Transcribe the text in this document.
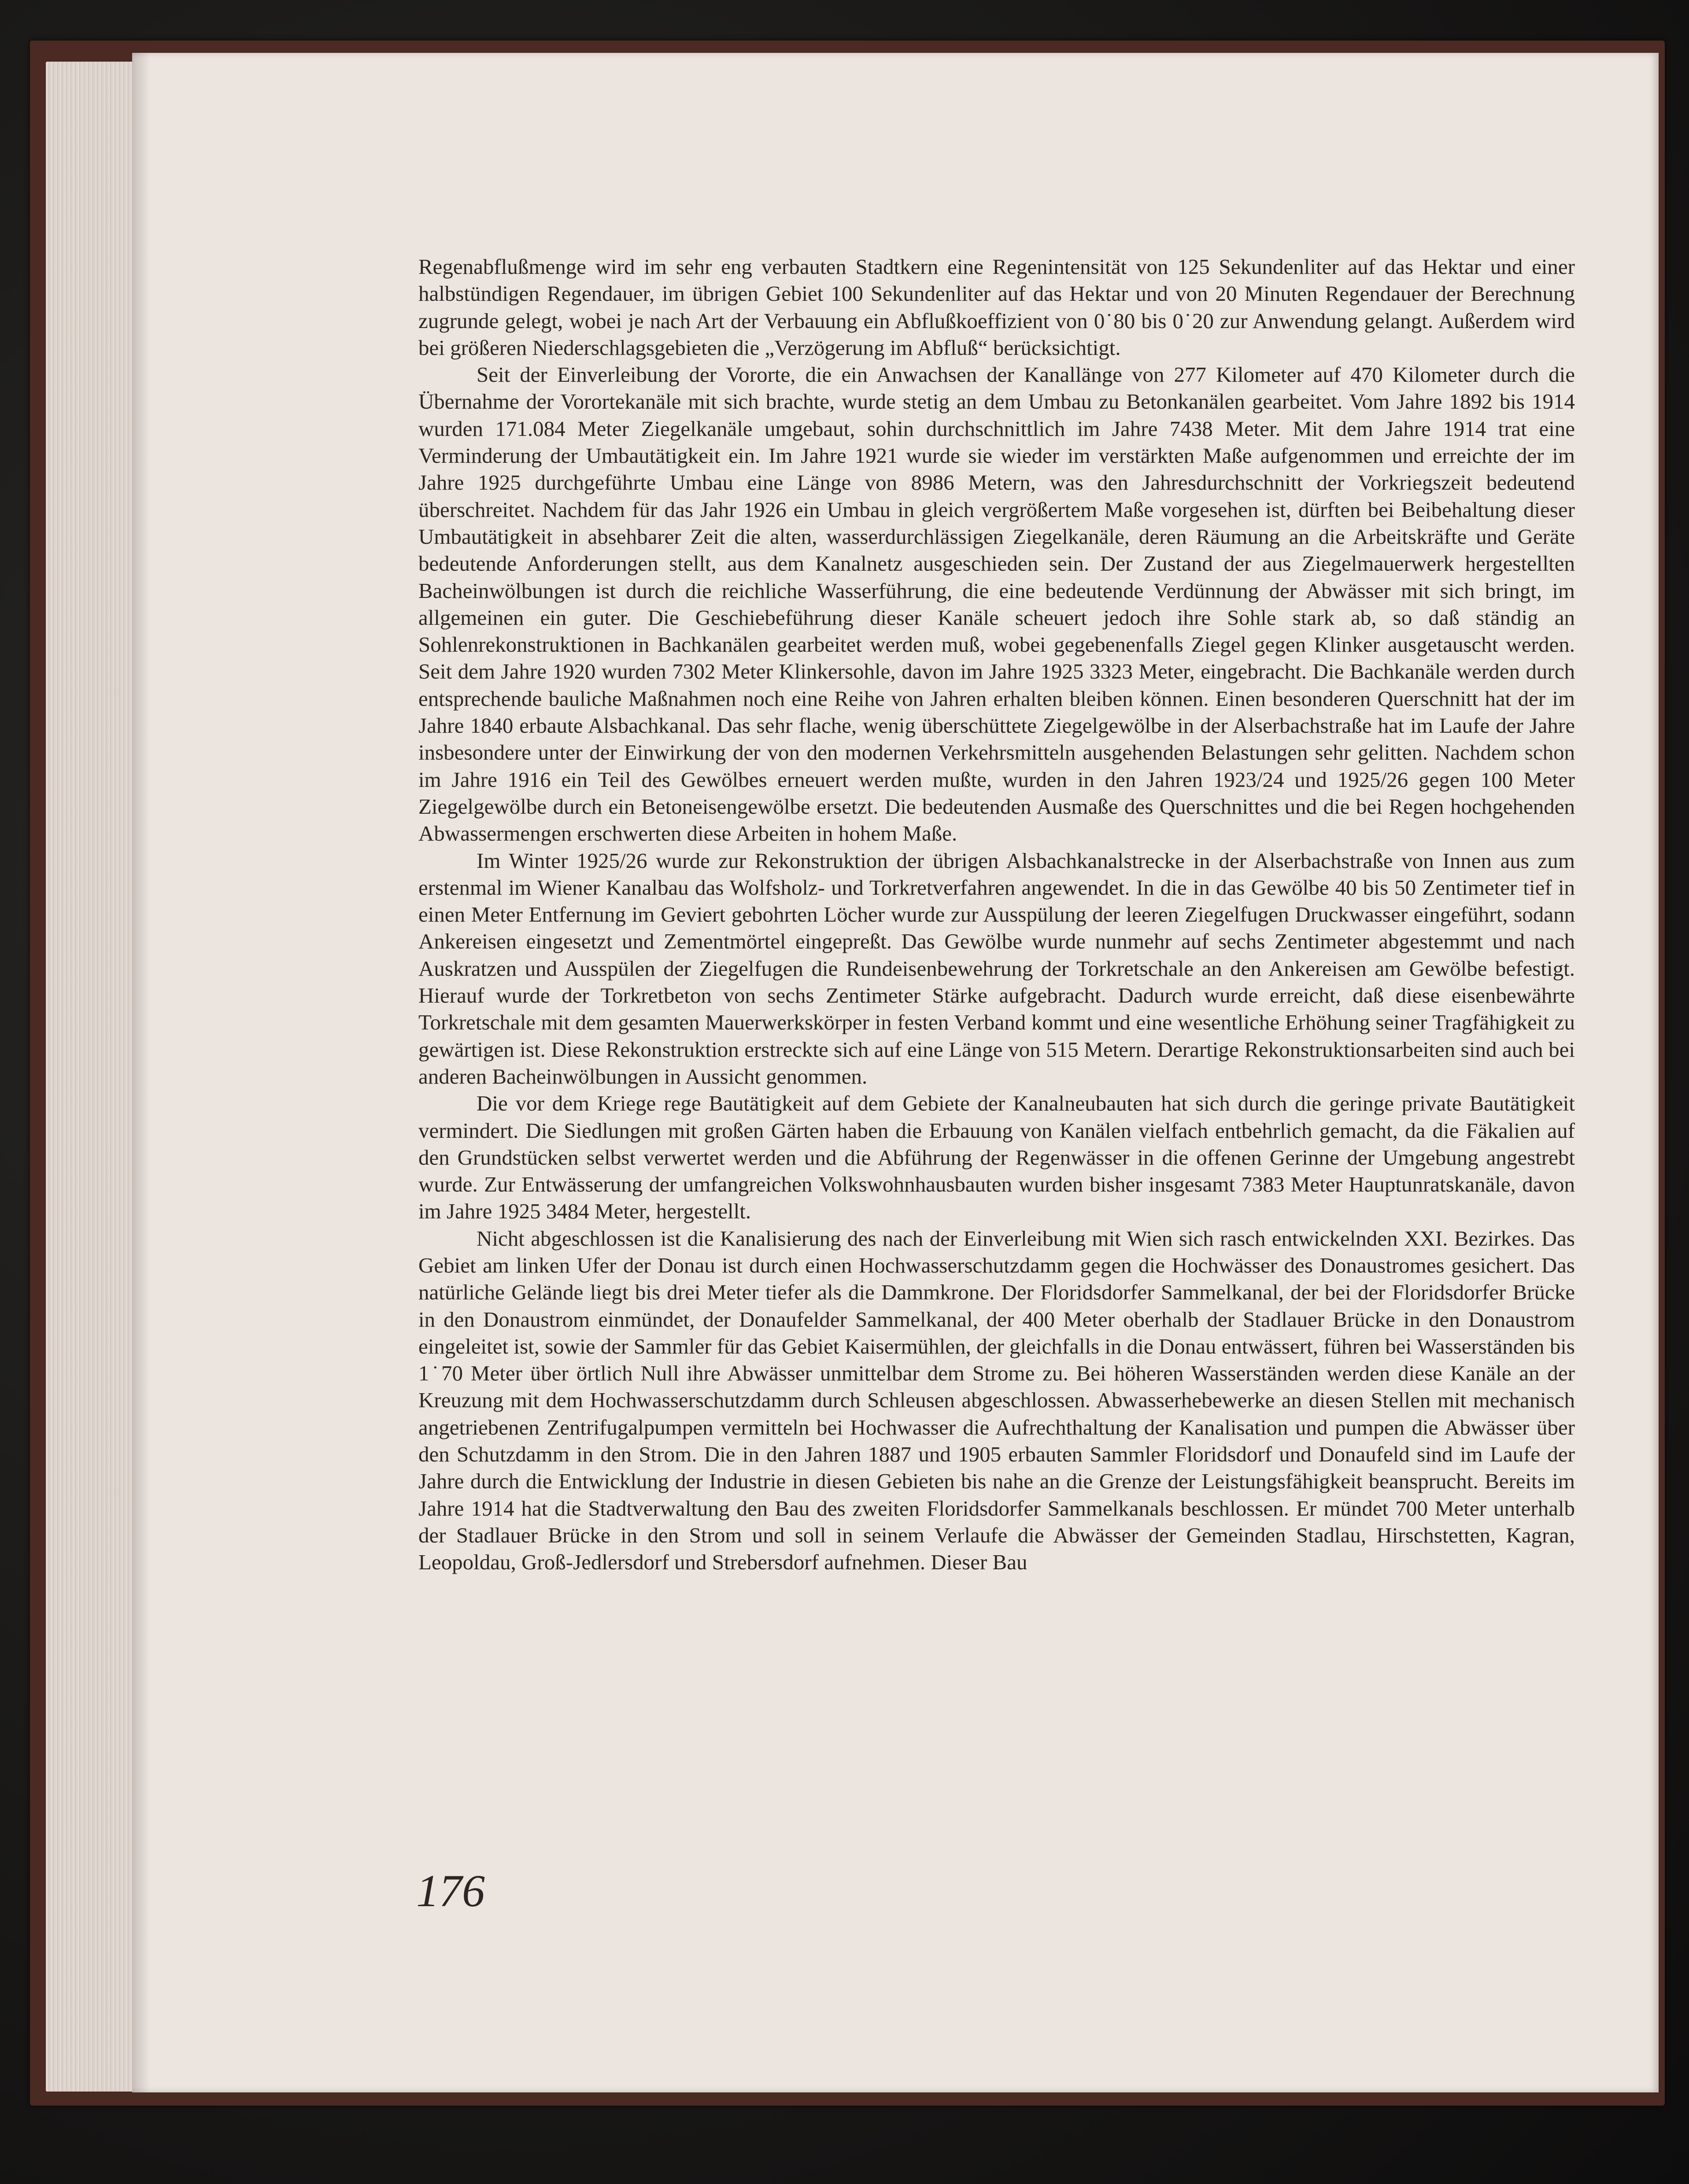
Regenabflußmenge wird im sehr eng verbauten Stadtkern eine Regenintensität von 125 Sekundenliter auf das Hektar und einer halbstündigen Regendauer, im übrigen Gebiet 100 Sekundenliter auf das Hektar und von 20 Minuten Regendauer der Berechnung zugrunde gelegt, wobei je nach Art der Verbauung ein Abflußkoeffizient von 0˙80 bis 0˙20 zur Anwendung gelangt. Außerdem wird bei größeren Niederschlagsgebieten die „Verzögerung im Abfluß“ berücksichtigt.

Seit der Einverleibung der Vororte, die ein Anwachsen der Kanallänge von 277 Kilometer auf 470 Kilometer durch die Übernahme der Vorortekanäle mit sich brachte, wurde stetig an dem Umbau zu Betonkanälen gearbeitet. Vom Jahre 1892 bis 1914 wurden 171.084 Meter Ziegelkanäle umgebaut, sohin durchschnittlich im Jahre 7438 Meter. Mit dem Jahre 1914 trat eine Verminderung der Umbautätigkeit ein. Im Jahre 1921 wurde sie wieder im verstärkten Maße aufgenommen und erreichte der im Jahre 1925 durchgeführte Umbau eine Länge von 8986 Metern, was den Jahresdurchschnitt der Vorkriegszeit bedeutend überschreitet. Nachdem für das Jahr 1926 ein Umbau in gleich vergrößertem Maße vorgesehen ist, dürften bei Beibehaltung dieser Umbautätigkeit in absehbarer Zeit die alten, wasserdurchlässigen Ziegelkanäle, deren Räumung an die Arbeitskräfte und Geräte bedeutende Anforderungen stellt, aus dem Kanalnetz ausgeschieden sein. Der Zustand der aus Ziegelmauerwerk hergestellten Bacheinwölbungen ist durch die reichliche Wasserführung, die eine bedeutende Verdünnung der Abwässer mit sich bringt, im allgemeinen ein guter. Die Geschiebeführung dieser Kanäle scheuert jedoch ihre Sohle stark ab, so daß ständig an Sohlenrekonstruktionen in Bachkanälen gearbeitet werden muß, wobei gegebenenfalls Ziegel gegen Klinker ausgetauscht werden. Seit dem Jahre 1920 wurden 7302 Meter Klinkersohle, davon im Jahre 1925 3323 Meter, eingebracht. Die Bachkanäle werden durch entsprechende bauliche Maßnahmen noch eine Reihe von Jahren erhalten bleiben können. Einen besonderen Querschnitt hat der im Jahre 1840 erbaute Alsbachkanal. Das sehr flache, wenig überschüttete Ziegelgewölbe in der Alserbachstraße hat im Laufe der Jahre insbesondere unter der Einwirkung der von den modernen Verkehrsmitteln ausgehenden Belastungen sehr gelitten. Nachdem schon im Jahre 1916 ein Teil des Gewölbes erneuert werden mußte, wurden in den Jahren 1923/24 und 1925/26 gegen 100 Meter Ziegelgewölbe durch ein Betoneisengewölbe ersetzt. Die bedeutenden Ausmaße des Querschnittes und die bei Regen hochgehenden Abwassermengen erschwerten diese Arbeiten in hohem Maße.

Im Winter 1925/26 wurde zur Rekonstruktion der übrigen Alsbachkanalstrecke in der Alserbachstraße von Innen aus zum erstenmal im Wiener Kanalbau das Wolfsholz- und Torkretverfahren angewendet. In die in das Gewölbe 40 bis 50 Zentimeter tief in einen Meter Entfernung im Geviert gebohrten Löcher wurde zur Ausspülung der leeren Ziegelfugen Druckwasser eingeführt, sodann Ankereisen eingesetzt und Zementmörtel eingepreßt. Das Gewölbe wurde nunmehr auf sechs Zentimeter abgestemmt und nach Auskratzen und Ausspülen der Ziegelfugen die Rundeisenbewehrung der Torkretschale an den Ankereisen am Gewölbe befestigt. Hierauf wurde der Torkretbeton von sechs Zentimeter Stärke aufgebracht. Dadurch wurde erreicht, daß diese eisenbewährte Torkretschale mit dem gesamten Mauerwerkskörper in festen Verband kommt und eine wesentliche Erhöhung seiner Tragfähigkeit zu gewärtigen ist. Diese Rekonstruktion erstreckte sich auf eine Länge von 515 Metern. Derartige Rekonstruktionsarbeiten sind auch bei anderen Bacheinwölbungen in Aussicht genommen.

Die vor dem Kriege rege Bautätigkeit auf dem Gebiete der Kanalneubauten hat sich durch die geringe private Bautätigkeit vermindert. Die Siedlungen mit großen Gärten haben die Erbauung von Kanälen vielfach entbehrlich gemacht, da die Fäkalien auf den Grundstücken selbst verwertet werden und die Abführung der Regenwässer in die offenen Gerinne der Umgebung angestrebt wurde. Zur Entwässerung der umfangreichen Volkswohnhausbauten wurden bisher insgesamt 7383 Meter Hauptunratskanäle, davon im Jahre 1925 3484 Meter, hergestellt.

Nicht abgeschlossen ist die Kanalisierung des nach der Einverleibung mit Wien sich rasch entwickelnden XXI. Bezirkes. Das Gebiet am linken Ufer der Donau ist durch einen Hochwasserschutzdamm gegen die Hochwässer des Donaustromes gesichert. Das natürliche Gelände liegt bis drei Meter tiefer als die Dammkrone. Der Floridsdorfer Sammelkanal, der bei der Floridsdorfer Brücke in den Donaustrom einmündet, der Donaufelder Sammelkanal, der 400 Meter oberhalb der Stadlauer Brücke in den Donaustrom eingeleitet ist, sowie der Sammler für das Gebiet Kaisermühlen, der gleichfalls in die Donau entwässert, führen bei Wasserständen bis 1˙70 Meter über örtlich Null ihre Abwässer unmittelbar dem Strome zu. Bei höheren Wasserständen werden diese Kanäle an der Kreuzung mit dem Hochwasserschutzdamm durch Schleusen abgeschlossen. Abwasserhebewerke an diesen Stellen mit mechanisch angetriebenen Zentrifugalpumpen vermitteln bei Hochwasser die Aufrechthaltung der Kanalisation und pumpen die Abwässer über den Schutzdamm in den Strom. Die in den Jahren 1887 und 1905 erbauten Sammler Floridsdorf und Donaufeld sind im Laufe der Jahre durch die Entwicklung der Industrie in diesen Gebieten bis nahe an die Grenze der Leistungsfähigkeit beansprucht. Bereits im Jahre 1914 hat die Stadtverwaltung den Bau des zweiten Floridsdorfer Sammelkanals beschlossen. Er mündet 700 Meter unterhalb der Stadlauer Brücke in den Strom und soll in seinem Verlaufe die Abwässer der Gemeinden Stadlau, Hirschstetten, Kagran, Leopoldau, Groß-Jedlersdorf und Strebersdorf aufnehmen. Dieser Bau

176
